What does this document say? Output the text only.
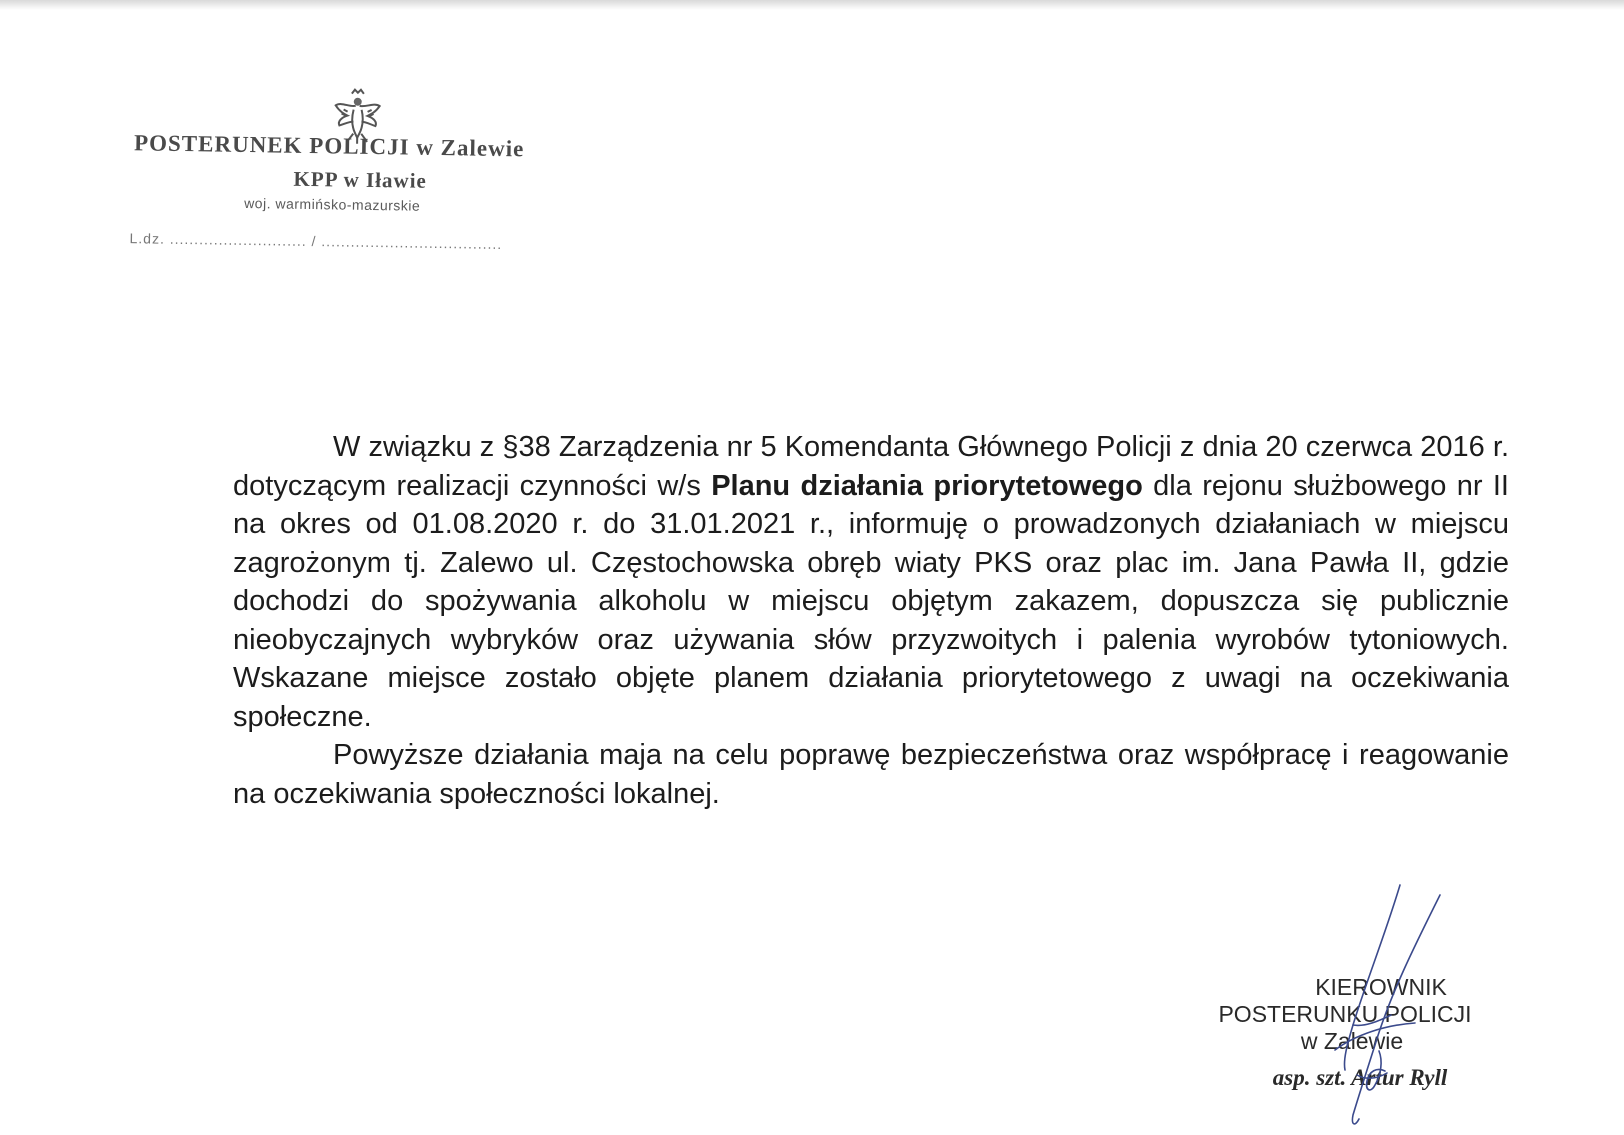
POSTERUNEK POLICJI w Zalewie
KPP w Iławie
woj. warmińsko-mazurskie
L.dz. ............................ / .....................................

W związku z §38 Zarządzenia nr 5 Komendanta Głównego Policji z dnia 20 czerwca 2016 r. dotyczącym realizacji czynności w/s Planu działania priorytetowego dla rejonu służbowego nr II na okres od 01.08.2020 r. do 31.01.2021 r., informuję o prowadzonych działaniach w miejscu zagrożonym tj. Zalewo ul. Częstochowska obręb wiaty PKS oraz plac im. Jana Pawła II, gdzie dochodzi do spożywania alkoholu w miejscu objętym zakazem, dopuszcza się publicznie nieobyczajnych wybryków oraz używania słów przyzwoitych i palenia wyrobów tytoniowych. Wskazane miejsce zostało objęte planem działania priorytetowego z uwagi na oczekiwania społeczne.

Powyższe działania maja na celu poprawę bezpieczeństwa oraz współpracę i reagowanie na oczekiwania społeczności lokalnej.

KIEROWNIK
POSTERUNKU POLICJI
w Zalewie
asp. szt. Artur Ryll
